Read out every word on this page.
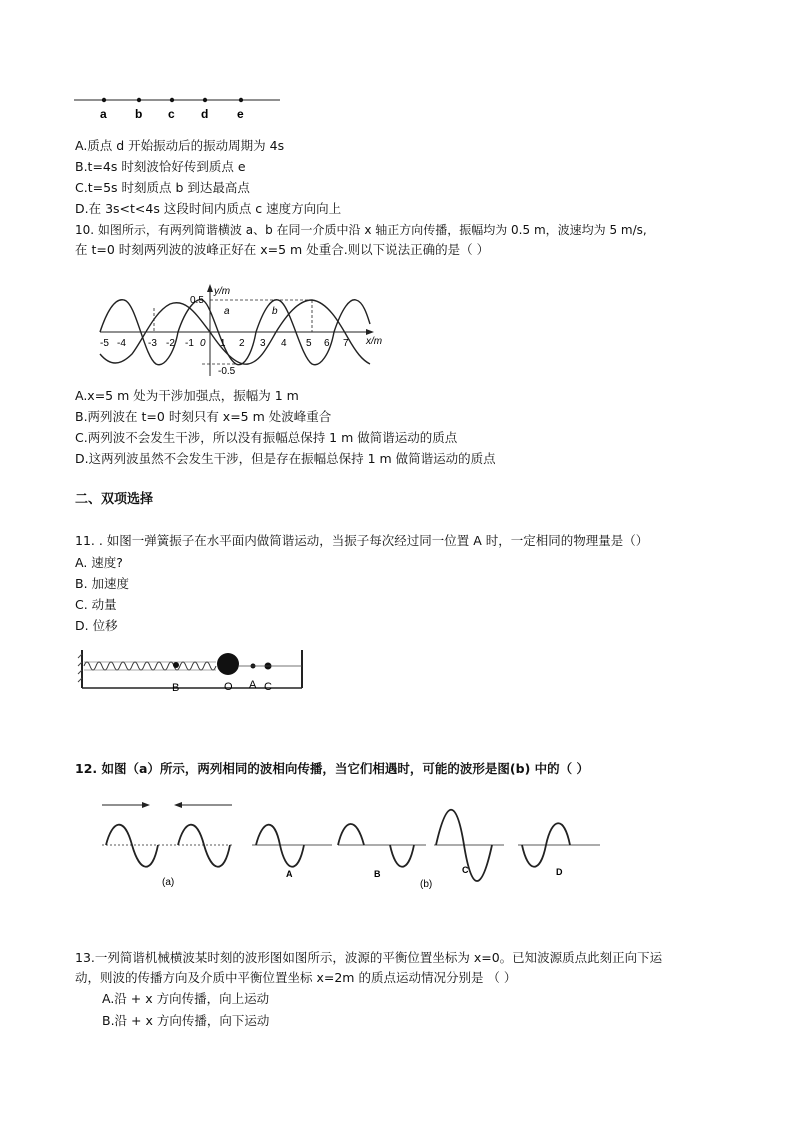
a b c d e
A.质点 d 开始振动后的振动周期为 4s
B.t=4s 时刻波恰好传到质点 e
C.t=5s 时刻质点 b 到达最高点
D.在 3s<t<4s 这段时间内质点 c 速度方向向上
10. 如图所示，有两列简谐横波 a、b 在同一介质中沿 x 轴正方向传播，振幅均为 0.5 m，波速均为 5 m/s,
在 t=0 时刻两列波的波峰正好在 x=5 m 处重合.则以下说法正确的是（ ）
y/m
x/m
0.5
-0.5
a	b
-5 -4 -3 -2 -1 0 1 2 3 4 5 6 7
A.x=5 m 处为干涉加强点，振幅为 1 m
B.两列波在 t=0 时刻只有 x=5 m 处波峰重合
C.两列波不会发生干涉，所以没有振幅总保持 1 m 做简谐运动的质点
D.这两列波虽然不会发生干涉，但是存在振幅总保持 1 m 做简谐运动的质点
二、双项选择
11. . 如图一弹簧振子在水平面内做简谐运动，当振子每次经过同一位置 A 时，一定相同的物理量是（）
A. 速度?
B. 加速度
C. 动量
D. 位移
B	O A C
12. 如图（a）所示，两列相同的波相向传播，当它们相遇时，可能的波形是图(b) 中的（ ）
(a)
A	B
(b)
C	D
13.一列简谐机械横波某时刻的波形图如图所示，波源的平衡位置坐标为 x=0。已知波源质点此刻正向下运
动，则波的传播方向及介质中平衡位置坐标 x=2m 的质点运动情况分别是 （ ）
A.沿 + x 方向传播，向上运动
B.沿 + x 方向传播，向下运动
